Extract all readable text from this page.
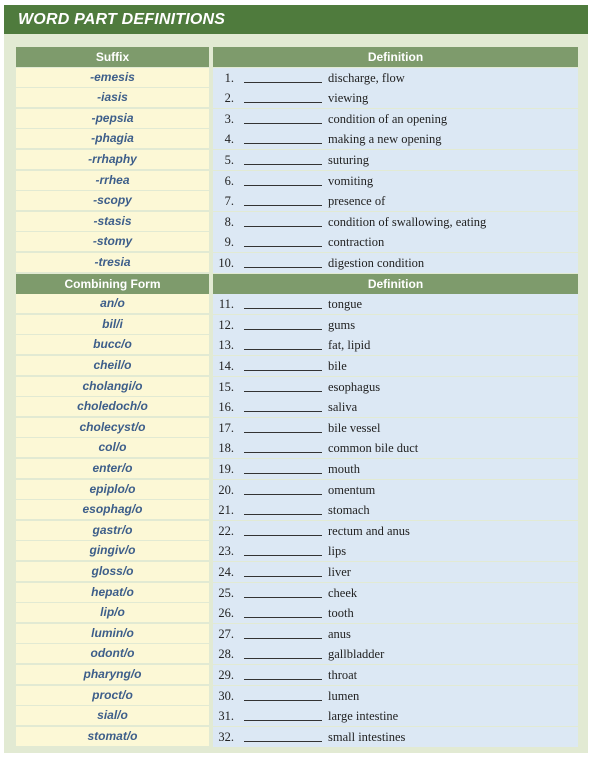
WORD PART DEFINITIONS
Suffix	Definition
-emesis	1.	discharge, flow
-iasis	2.	viewing
-pepsia	3.	condition of an opening
-phagia	4.	making a new opening
-rrhaphy	5.	suturing
-rrhea	6.	vomiting
-scopy	7.	presence of
-stasis	8.	condition of swallowing, eating
-stomy	9.	contraction
-tresia	10.	digestion condition
Combining Form	Definition
an/o	11.	tongue
bil/i	12.	gums
bucc/o	13.	fat, lipid
cheil/o	14.	bile
cholangi/o	15.	esophagus
choledoch/o	16.	saliva
cholecyst/o	17.	bile vessel
col/o	18.	common bile duct
enter/o	19.	mouth
epiplo/o	20.	omentum
esophag/o	21.	stomach
gastr/o	22.	rectum and anus
gingiv/o	23.	lips
gloss/o	24.	liver
hepat/o	25.	cheek
lip/o	26.	tooth
lumin/o	27.	anus
odont/o	28.	gallbladder
pharyng/o	29.	throat
proct/o	30.	lumen
sial/o	31.	large intestine
stomat/o	32.	small intestines
